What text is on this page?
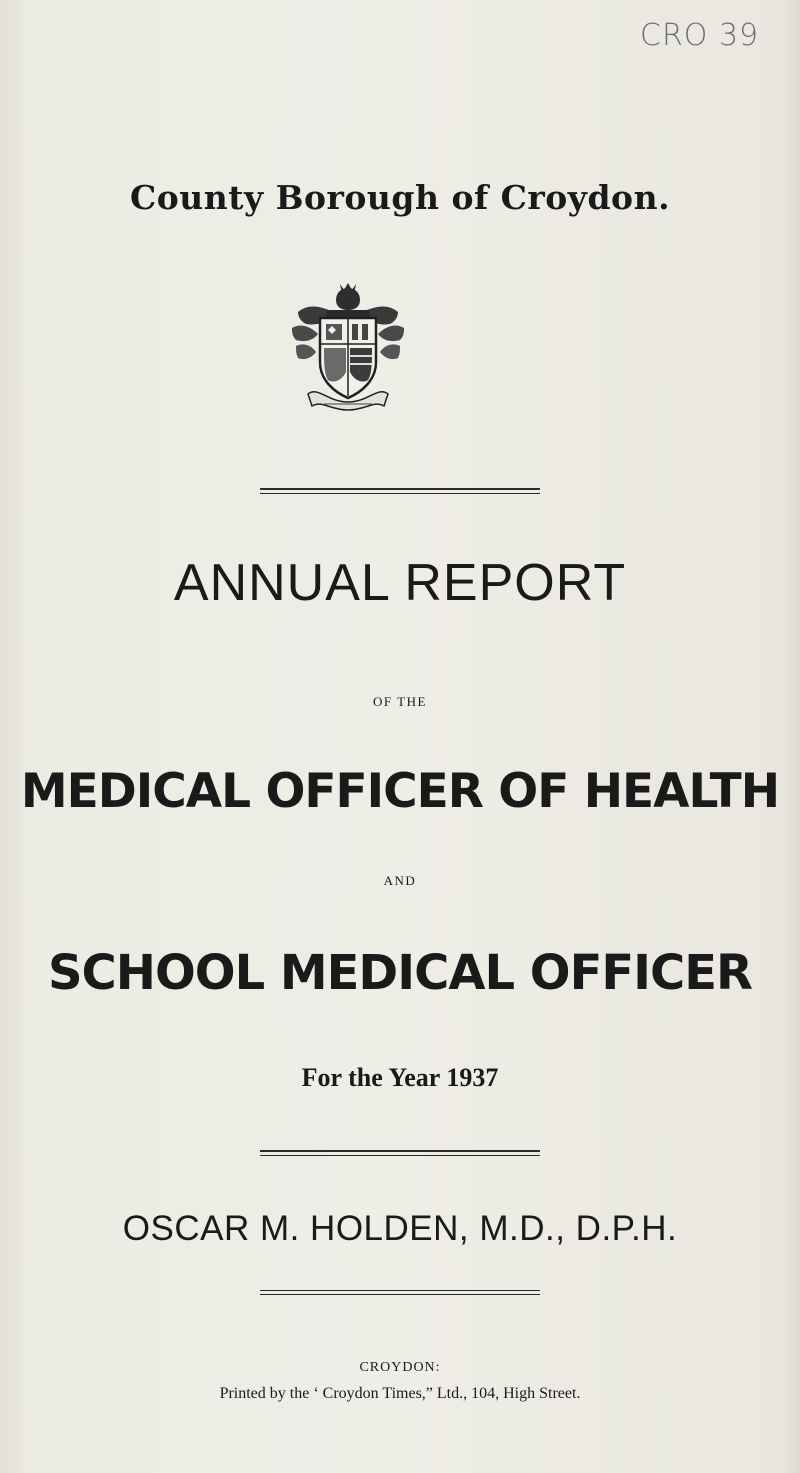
CRO 39
County Borough of Croydon.
ANNUAL REPORT
OF THE
MEDICAL OFFICER OF HEALTH
AND
SCHOOL MEDICAL OFFICER
For the Year 1937
OSCAR M. HOLDEN, M.D., D.P.H.
CROYDON:
Printed by the ‘ Croydon Times,” Ltd., 104, High Street.
